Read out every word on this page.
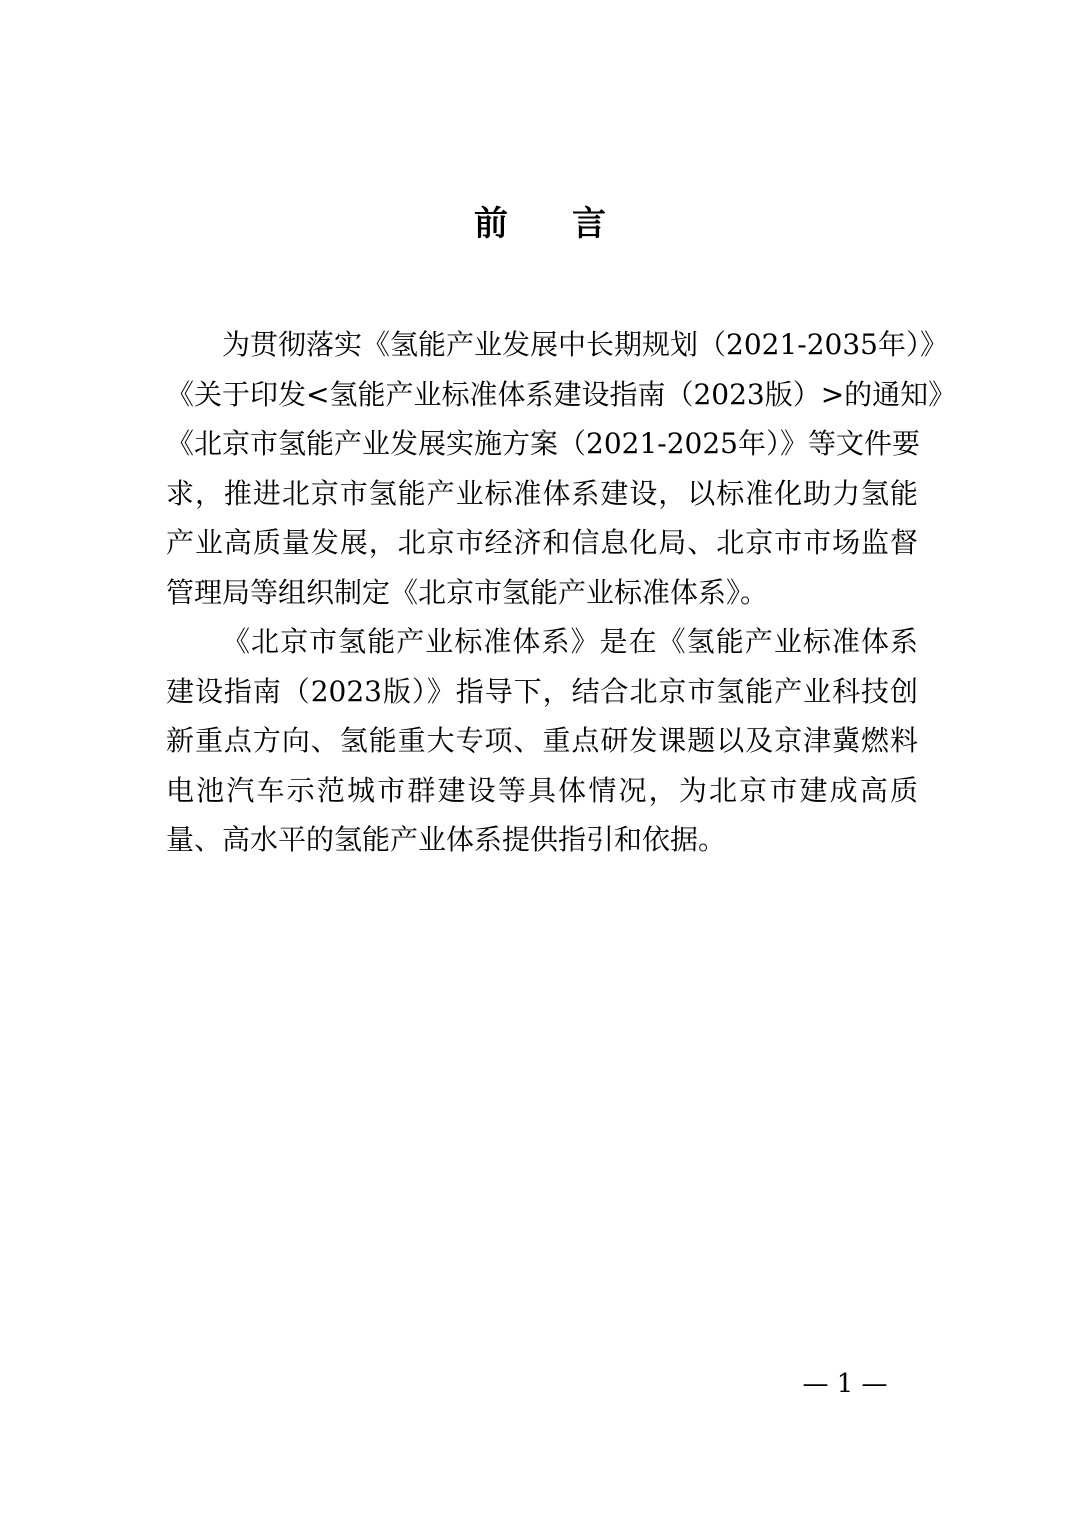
前 言
为贯彻落实《氢能产业发展中长期规划（2021-2035年）》
《关于印发<氢能产业标准体系建设指南（2023版）>的通知》
《北京市氢能产业发展实施方案（2021-2025年）》等文件要
求，推进北京市氢能产业标准体系建设，以标准化助力氢能
产业高质量发展，北京市经济和信息化局、北京市市场监督
管理局等组织制定《北京市氢能产业标准体系》。
《北京市氢能产业标准体系》是在《氢能产业标准体系
建设指南（2023版）》指导下，结合北京市氢能产业科技创
新重点方向、氢能重大专项、重点研发课题以及京津冀燃料
电池汽车示范城市群建设等具体情况，为北京市建成高质
量、高水平的氢能产业体系提供指引和依据。
— 1 —
